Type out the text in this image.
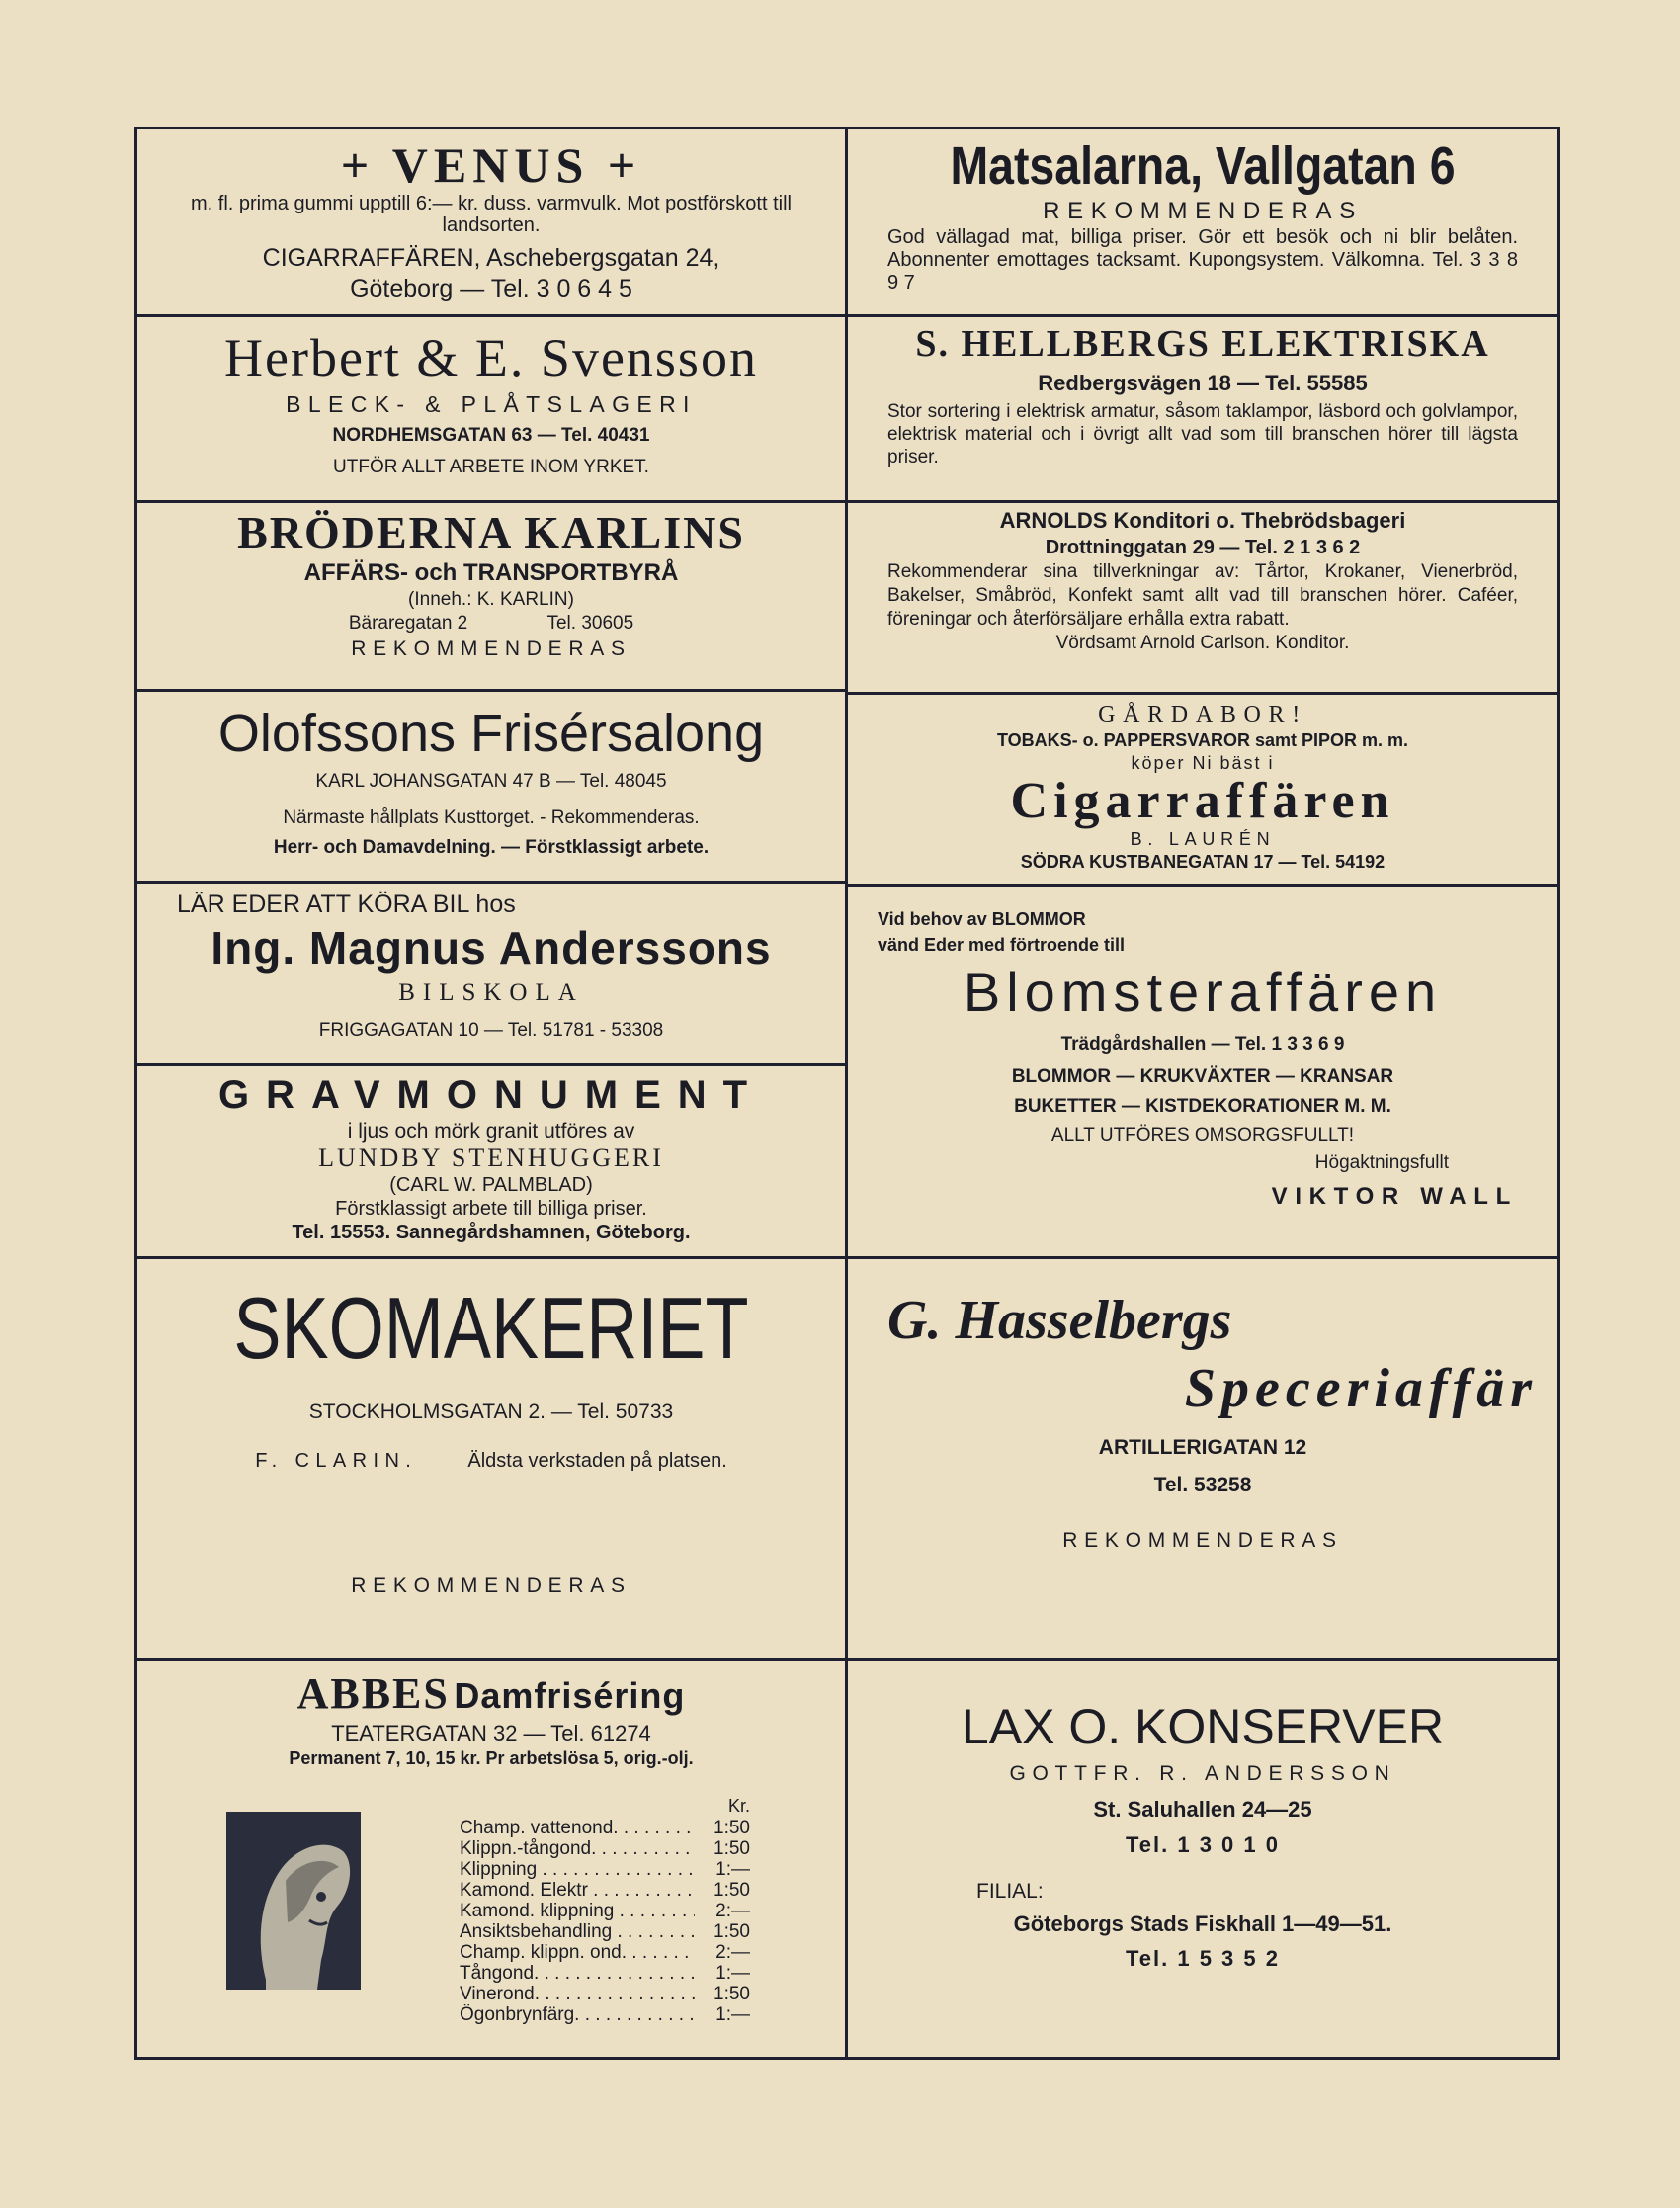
+ VENUS +
m. fl. prima gummi upptill 6:— kr. duss. varmvulk. Mot postförskott till landsorten.
CIGARRAFFÄREN, Aschebergsgatan 24,
Göteborg — Tel. 3 0 6 4 5
Herbert & E. Svensson
BLECK- & PLÅTSLAGERI
NORDHEMSGATAN 63 — Tel. 40431
UTFÖR ALLT ARBETE INOM YRKET.
BRÖDERNA KARLINS
AFFÄRS- och TRANSPORTBYRÅ
(Inneh.: K. KARLIN)
Bäraregatan 2	Tel. 30605
REKOMMENDERAS
Olofssons Frisérsalong
KARL JOHANSGATAN 47 B — Tel. 48045
Närmaste hållplats Kusttorget. - Rekommenderas.
Herr- och Damavdelning. — Förstklassigt arbete.
LÄR EDER ATT KÖRA BIL hos
Ing. Magnus Anderssons
BILSKOLA
FRIGGAGATAN 10 — Tel. 51781 - 53308
GRAVMONUMENT
i ljus och mörk granit utföres av
LUNDBY STENHUGGERI
(CARL W. PALMBLAD)
Förstklassigt arbete till billiga priser.
Tel. 15553. Sannegårdshamnen, Göteborg.
SKOMAKERIET
STOCKHOLMSGATAN 2. — Tel. 50733
F. CLARIN.	Äldsta verkstaden på platsen.
REKOMMENDERAS
ABBES Damfriséring
TEATERGATAN 32 — Tel. 61274
Permanent 7, 10, 15 kr. Pr arbetslösa 5, orig.-olj.
Kr.
Champ. vattenond. . . .	1:50
Klippn.-tångond. . . .	1:50
Klippning . . .	1:—
Kamond. Elektr . . .	1:50
Kamond. klippning . . .	2:—
Ansiktsbehandling . . .	1:50
Champ. klippn. ond. . . .	2:—
Tångond. . . .	1:—
Vinerond. . . .	1:50
Ögonbrynfärg. . . .	1:—
Matsalarna, Vallgatan 6
REKOMMENDERAS
God vällagad mat, billiga priser. Gör ett besök och ni blir belåten. Abonnenter emottages tacksamt. Kupongsystem. Välkomna. Tel. 3 3 8 9 7
S. HELLBERGS ELEKTRISKA
Redbergsvägen 18 — Tel. 55585
Stor sortering i elektrisk armatur, såsom taklampor, läsbord och golvlampor, elektrisk material och i övrigt allt vad som till branschen hörer till lägsta priser.
ARNOLDS Konditori o. Thebrödsbageri
Drottninggatan 29 — Tel. 2 1 3 6 2
Rekommenderar sina tillverkningar av: Tårtor, Krokaner, Vienerbröd, Bakelser, Småbröd, Konfekt samt allt vad till branschen hörer. Caféer, föreningar och återförsäljare erhålla extra rabatt.
Vördsamt Arnold Carlson. Konditor.
GÅRDABOR!
TOBAKS- o. PAPPERSVAROR samt PIPOR m. m.
köper Ni bäst i
Cigarraffären
B. LAURÉN
SÖDRA KUSTBANEGATAN 17 — Tel. 54192
Vid behov av BLOMMOR
vänd Eder med förtroende till
Blomsteraffären
Trädgårdshallen — Tel. 1 3 3 6 9
BLOMMOR — KRUKVÄXTER — KRANSAR
BUKETTER — KISTDEKORATIONER M. M.
ALLT UTFÖRES OMSORGSFULLT!
Högaktningsfullt
VIKTOR WALL
G. Hasselbergs
Speceriaffär
ARTILLERIGATAN 12
Tel. 53258
REKOMMENDERAS
LAX O. KONSERVER
GOTTFR. R. ANDERSSON
St. Saluhallen 24—25
Tel. 1 3 0 1 0
FILIAL:
Göteborgs Stads Fiskhall 1—49—51.
Tel. 1 5 3 5 2
